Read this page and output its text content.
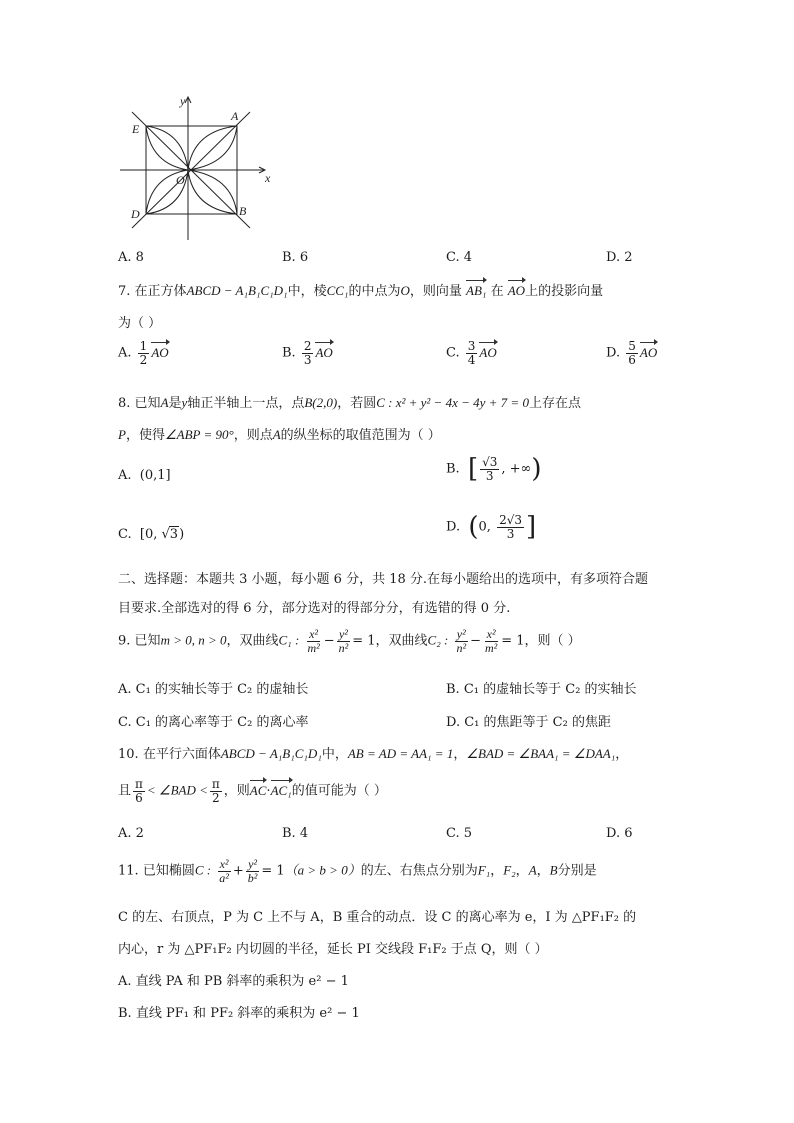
y
x
A
E
O
D	B
A. 8	B. 6	C. 4	D. 2
7. 在正方体ABCD − A₁B₁C₁D₁中，棱CC₁的中点为O，则向量 AB₁ 在 AO上的投影向量
为（ ）
A. $\frac{1}{2}$ AO	B. $\frac{2}{3}$ AO	C. $\frac{3}{4}$ AO	D. $\frac{5}{6}$ AO
8. 已知A是y轴正半轴上一点，点B(2,0)，若圆C : x² + y² − 4x − 4y + 7 = 0上存在点
P，使得∠ABP = 90°，则点A的纵坐标的取值范围为（ ）
A. (0,1]	B. [ $\frac{√3}{3}$ , +∞)
C. [0, √3)	D. (0, $\frac{2√3}{3}$ ]
二、选择题：本题共 3 小题，每小题 6 分，共 18 分.在每小题给出的选项中，有多项符合题
目要求.全部选对的得 6 分，部分选对的得部分分，有选错的得 0 分.
9. 已知m > 0, n > 0，双曲线C₁ : $\frac{\text{x²}}{\text{m²}} - \frac{\text{y²}}{\text{n²}} = 1$，双曲线C₂ : $\frac{\text{y²}}{\text{n²}} - \frac{\text{x²}}{\text{m²}} = 1$，则（ ）
A. C₁ 的实轴长等于 C₂ 的虚轴长	B. C₁ 的虚轴长等于 C₂ 的实轴长
C. C₁ 的离心率等于 C₂ 的离心率	D. C₁ 的焦距等于 C₂ 的焦距
10. 在平行六面体ABCD − A₁B₁C₁D₁中，AB = AD = AA₁ = 1，∠BAD = ∠BAA₁ = ∠DAA₁，
且 $\frac{\pi}{6}$ < ∠BAD < $\frac{\pi}{2}$ ，则AC·AC₁的值可能为（ ）
A. 2	B. 4	C. 5	D. 6
11. 已知椭圆C : $\frac{\text{x²}}{\text{a²}} + \frac{\text{y²}}{\text{b²}} = 1(a > b > 0)$的左、右焦点分别为F₁，F₂，A，B分别是
C 的左、右顶点，P 为 C 上不与 A，B 重合的动点．设 C 的离心率为 e，I 为 △PF₁F₂ 的
内心，r 为 △PF₁F₂ 内切圆的半径，延长 PI 交线段 F₁F₂ 于点 Q，则（ ）
A. 直线 PA 和 PB 斜率的乘积为 e² − 1
B. 直线 PF₁ 和 PF₂ 斜率的乘积为 e² − 1
